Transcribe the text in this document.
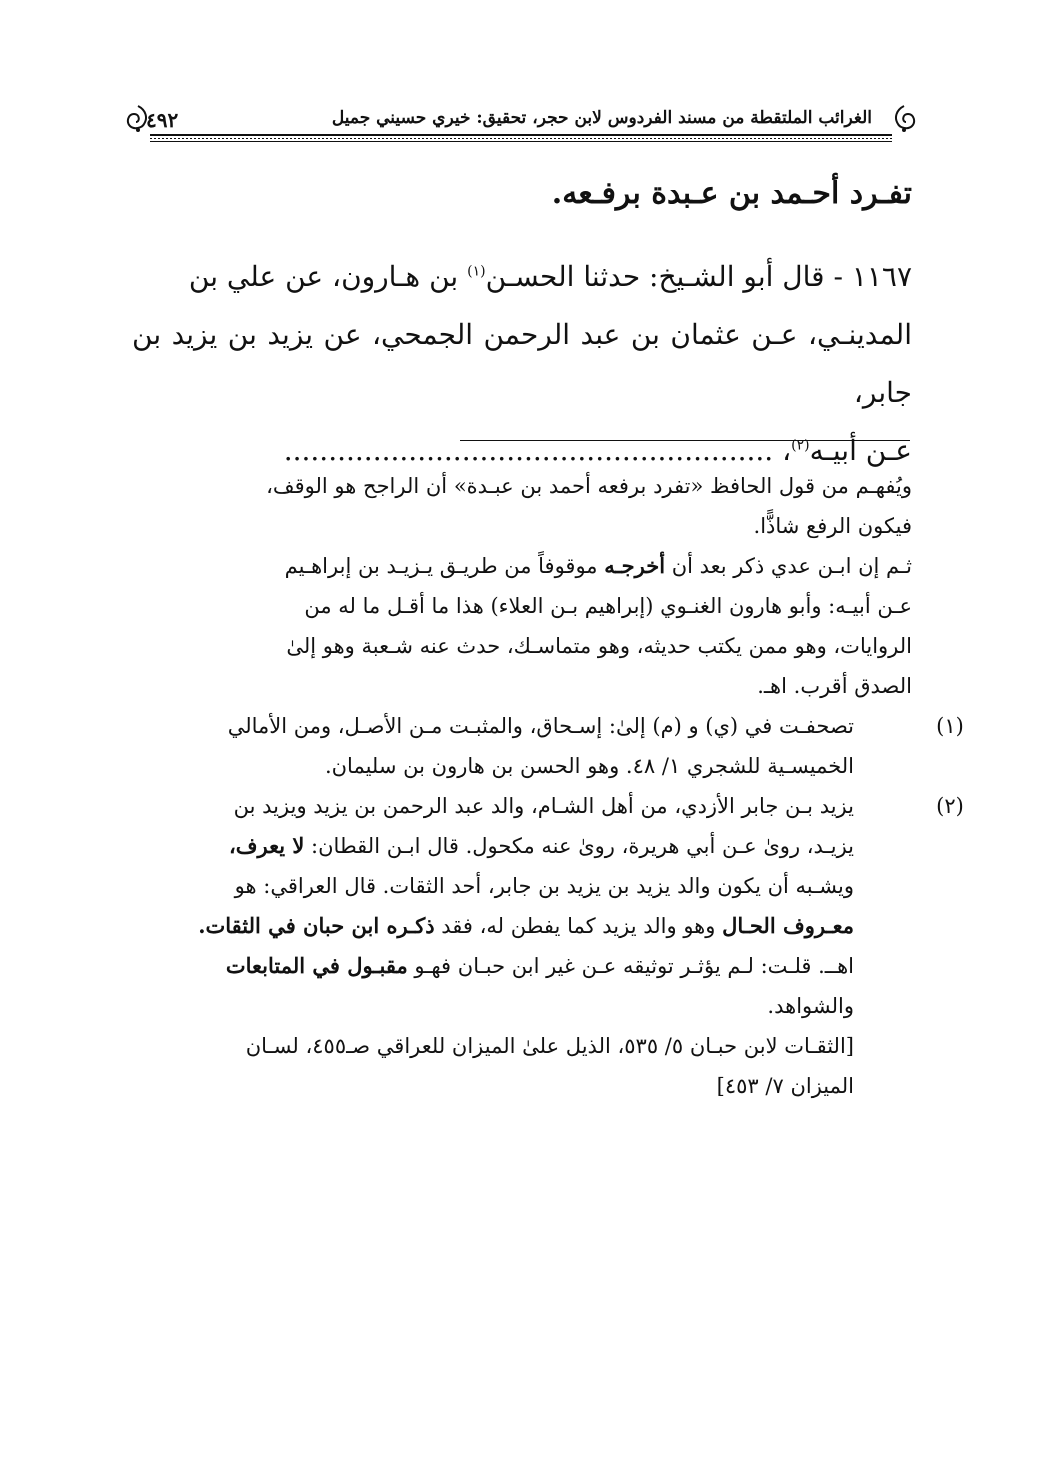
٤٩٢	الغرائب الملتقطة من مسند الفردوس لابن حجر، تحقيق: خيري حسيني جميل
تفـرد أحـمد بن عـبدة برفـعه.

١١٦٧ - قال أبو الشـيخ: حدثنا الحسـن$^{(١)}$ بن هـارون، عن علي بن

المدينـي، عـن عثمان بن عبد الرحمن الجمحي، عن يزيد بن يزيد بن جابر،

عـن أبيـه$^{(٢)}$، .......................................................

ويُفهـم من قول الحافظ «تفرد برفعه أحمد بن عبـدة» أن الراجح هو الوقف،

فيكون الرفع شاذًّا.

ثـم إن ابـن عدي ذكر بعد أن أخرجـه موقوفاً من طريـق يـزيـد بن إبراهـيم

عـن أبيـه: وأبو هارون الغنـوي (إبراهيم بـن العلاء) هذا ما أقـل ما له من

الروايات، وهو ممن يكتب حديثه، وهو متماسـك، حدث عنه شـعبة وهو إلىٰ

الصدق أقرب. اهـ.

(١)

تصحفـت في (ي) و (م) إلىٰ: إسـحاق، والمثبـت مـن الأصـل، ومن الأمالي

الخميسـية للشجري ١/ ٤٨. وهو الحسن بن هارون بن سليمان.

(٢)

يزيد بـن جابر الأزدي، من أهل الشـام، والد عبد الرحمن بن يزيد ويزيد بن

يزيـد، روىٰ عـن أبي هريرة، روىٰ عنه مكحول. قال ابـن القطان: لا يعرف،

ويشـبه أن يكون والد يزيد بن يزيد بن جابر، أحد الثقات. قال العراقي: هو

معـروف الحـال وهو والد يزيد كما يفطن له، فقد ذكـره ابن حبان في الثقات.

اهــ. قلـت: لـم يؤثـر توثيقه عـن غير ابن حبـان فهـو مقبـول في المتابعات

والشواهد.

[الثقـات لابن حبـان ٥/ ٥٣٥، الذيل علىٰ الميزان للعراقي صـ٤٥٥، لسـان

الميزان ٧/ ٤٥٣]
